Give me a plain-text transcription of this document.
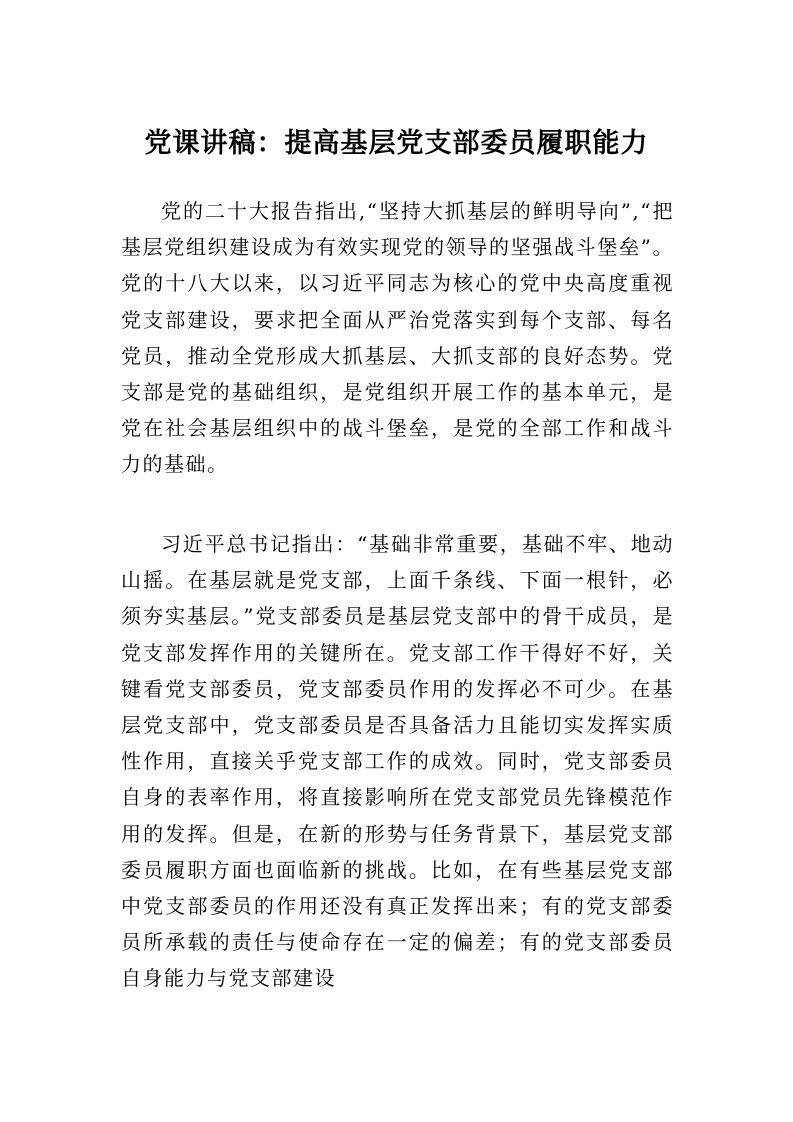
党课讲稿：提高基层党支部委员履职能力

党的二十大报告指出,“坚持大抓基层的鲜明导向”,“把基层党组织建设成为有效实现党的领导的坚强战斗堡垒”。党的十八大以来，以习近平同志为核心的党中央高度重视党支部建设，要求把全面从严治党落实到每个支部、每名党员，推动全党形成大抓基层、大抓支部的良好态势。党支部是党的基础组织，是党组织开展工作的基本单元，是党在社会基层组织中的战斗堡垒，是党的全部工作和战斗力的基础。

习近平总书记指出：“基础非常重要，基础不牢、地动山摇。在基层就是党支部，上面千条线、下面一根针，必须夯实基层。”党支部委员是基层党支部中的骨干成员，是党支部发挥作用的关键所在。党支部工作干得好不好，关键看党支部委员，党支部委员作用的发挥必不可少。在基层党支部中，党支部委员是否具备活力且能切实发挥实质性作用，直接关乎党支部工作的成效。同时，党支部委员自身的表率作用，将直接影响所在党支部党员先锋模范作用的发挥。但是，在新的形势与任务背景下，基层党支部委员履职方面也面临新的挑战。比如，在有些基层党支部中党支部委员的作用还没有真正发挥出来；有的党支部委员所承载的责任与使命存在一定的偏差；有的党支部委员自身能力与党支部建设
